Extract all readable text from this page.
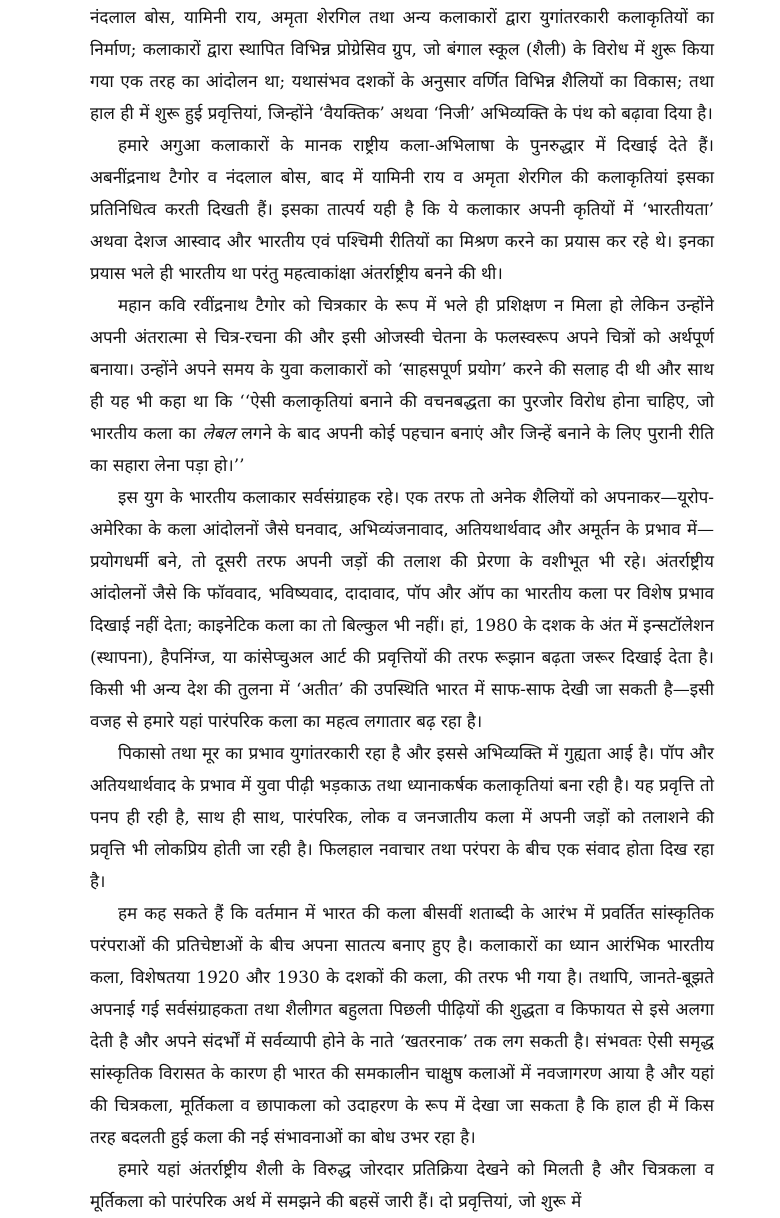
नंदलाल बोस, यामिनी राय, अमृता शेरगिल तथा अन्य कलाकारों द्वारा युगांतरकारी कलाकृतियों का निर्माण; कलाकारों द्वारा स्थापित विभिन्न प्रोग्रेसिव ग्रुप, जो बंगाल स्कूल (शैली) के विरोध में शुरू किया गया एक तरह का आंदोलन था; यथासंभव दशकों के अनुसार वर्णित विभिन्न शैलियों का विकास; तथा हाल ही में शुरू हुई प्रवृत्तियां, जिन्होंने ‘वैयक्तिक’ अथवा ‘निजी’ अभिव्यक्ति के पंथ को बढ़ावा दिया है।

हमारे अगुआ कलाकारों के मानक राष्ट्रीय कला-अभिलाषा के पुनरुद्धार में दिखाई देते हैं। अबनींद्रनाथ टैगोर व नंदलाल बोस, बाद में यामिनी राय व अमृता शेरगिल की कलाकृतियां इसका प्रतिनिधित्व करती दिखती हैं। इसका तात्पर्य यही है कि ये कलाकार अपनी कृतियों में ‘भारतीयता’ अथवा देशज आस्वाद और भारतीय एवं पश्चिमी रीतियों का मिश्रण करने का प्रयास कर रहे थे। इनका प्रयास भले ही भारतीय था परंतु महत्वाकांक्षा अंतर्राष्ट्रीय बनने की थी।

महान कवि रवींद्रनाथ टैगोर को चित्रकार के रूप में भले ही प्रशिक्षण न मिला हो लेकिन उन्होंने अपनी अंतरात्मा से चित्र-रचना की और इसी ओजस्वी चेतना के फलस्वरूप अपने चित्रों को अर्थपूर्ण बनाया। उन्होंने अपने समय के युवा कलाकारों को ‘साहसपूर्ण प्रयोग’ करने की सलाह दी थी और साथ ही यह भी कहा था कि ‘‘ऐसी कलाकृतियां बनाने की वचनबद्धता का पुरजोर विरोध होना चाहिए, जो भारतीय कला का लेबल लगने के बाद अपनी कोई पहचान बनाएं और जिन्हें बनाने के लिए पुरानी रीति का सहारा लेना पड़ा हो।’’

इस युग के भारतीय कलाकार सर्वसंग्राहक रहे। एक तरफ तो अनेक शैलियों को अपनाकर—यूरोप-अमेरिका के कला आंदोलनों जैसे घनवाद, अभिव्यंजनावाद, अतियथार्थवाद और अमूर्तन के प्रभाव में—प्रयोगधर्मी बने, तो दूसरी तरफ अपनी जड़ों की तलाश की प्रेरणा के वशीभूत भी रहे। अंतर्राष्ट्रीय आंदोलनों जैसे कि फॉववाद, भविष्यवाद, दादावाद, पॉप और ऑप का भारतीय कला पर विशेष प्रभाव दिखाई नहीं देता; काइनेटिक कला का तो बिल्कुल भी नहीं। हां, 1980 के दशक के अंत में इन्सटॉलेशन (स्थापना), हैपनिंग्ज, या कांसेप्चुअल आर्ट की प्रवृत्तियों की तरफ रूझान बढ़ता जरूर दिखाई देता है। किसी भी अन्य देश की तुलना में ‘अतीत’ की उपस्थिति भारत में साफ-साफ देखी जा सकती है—इसी वजह से हमारे यहां पारंपरिक कला का महत्व लगातार बढ़ रहा है।

पिकासो तथा मूर का प्रभाव युगांतरकारी रहा है और इससे अभिव्यक्ति में गुह्यता आई है। पॉप और अतियथार्थवाद के प्रभाव में युवा पीढ़ी भड़काऊ तथा ध्यानाकर्षक कलाकृतियां बना रही है। यह प्रवृत्ति तो पनप ही रही है, साथ ही साथ, पारंपरिक, लोक व जनजातीय कला में अपनी जड़ों को तलाशने की प्रवृत्ति भी लोकप्रिय होती जा रही है। फिलहाल नवाचार तथा परंपरा के बीच एक संवाद होता दिख रहा है।

हम कह सकते हैं कि वर्तमान में भारत की कला बीसवीं शताब्दी के आरंभ में प्रवर्तित सांस्कृतिक परंपराओं की प्रतिचेष्टाओं के बीच अपना सातत्य बनाए हुए है। कलाकारों का ध्यान आरंभिक भारतीय कला, विशेषतया 1920 और 1930 के दशकों की कला, की तरफ भी गया है। तथापि, जानते-बूझते अपनाई गई सर्वसंग्राहकता तथा शैलीगत बहुलता पिछली पीढ़ियों की शुद्धता व किफायत से इसे अलगा देती है और अपने संदर्भों में सर्वव्यापी होने के नाते ‘खतरनाक’ तक लग सकती है। संभवतः ऐसी समृद्ध सांस्कृतिक विरासत के कारण ही भारत की समकालीन चाक्षुष कलाओं में नवजागरण आया है और यहां की चित्रकला, मूर्तिकला व छापाकला को उदाहरण के रूप में देखा जा सकता है कि हाल ही में किस तरह बदलती हुई कला की नई संभावनाओं का बोध उभर रहा है।

हमारे यहां अंतर्राष्ट्रीय शैली के विरुद्ध जोरदार प्रतिक्रिया देखने को मिलती है और चित्रकला व मूर्तिकला को पारंपरिक अर्थ में समझने की बहसें जारी हैं। दो प्रवृत्तियां, जो शुरू में
